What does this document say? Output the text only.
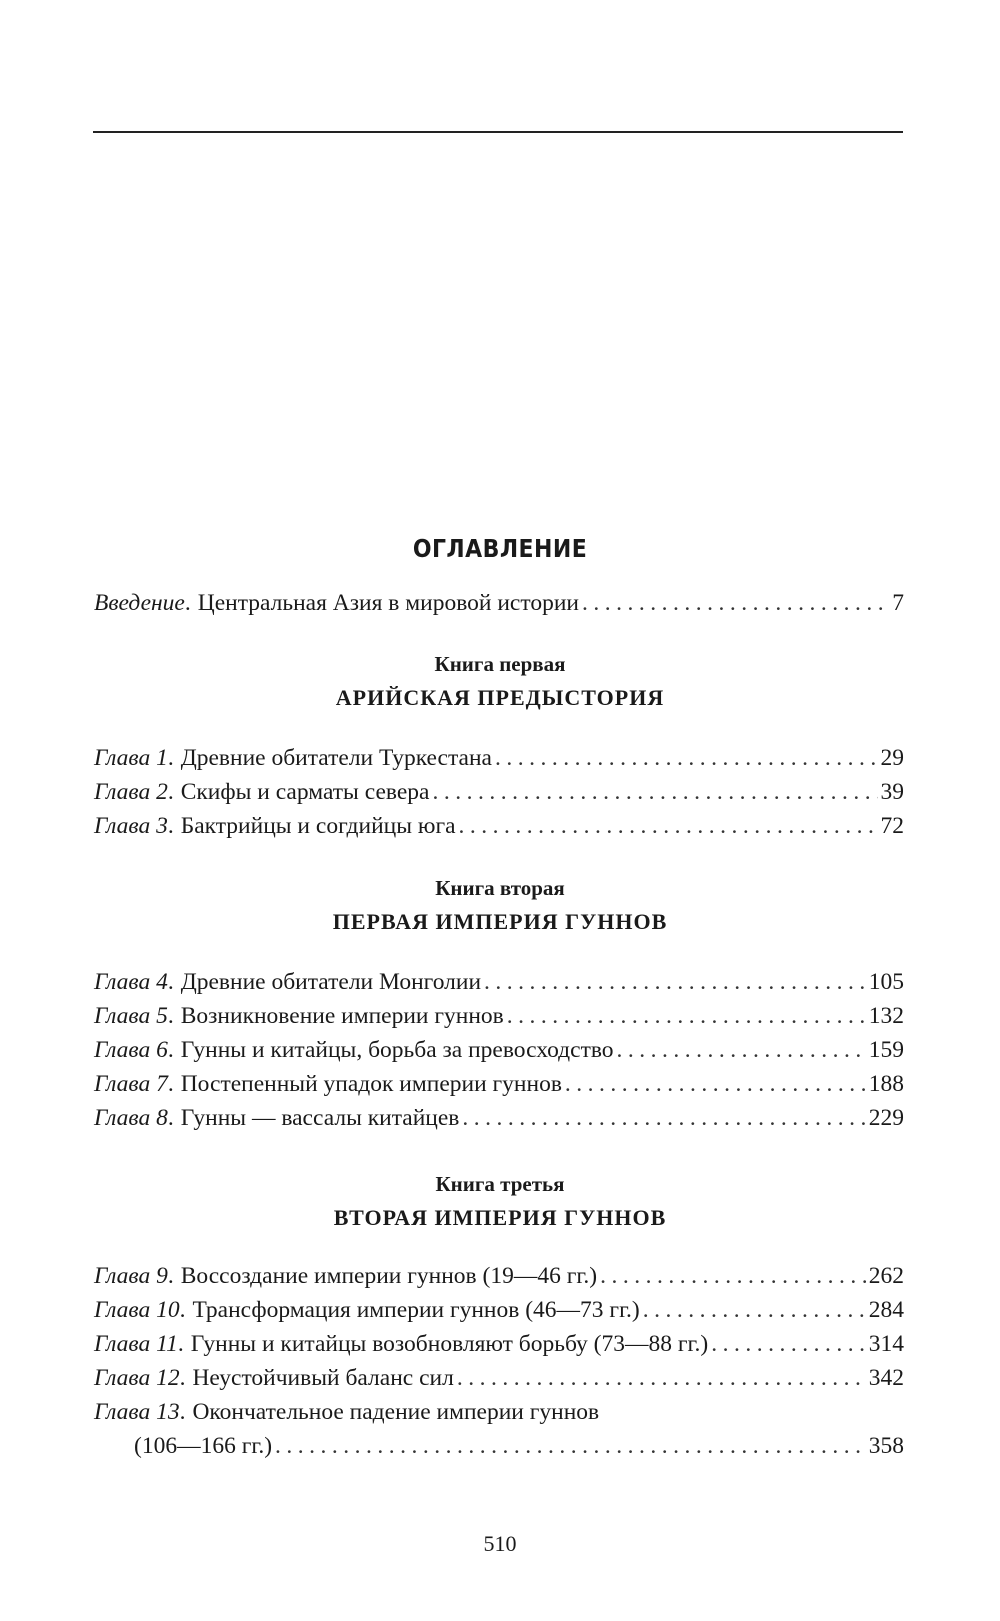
ОГЛАВЛЕНИЕ
Введение. Центральная Азия в мировой истории .....	7
Книга первая
АРИЙСКАЯ ПРЕДЫСТОРИЯ
Глава 1. Древние обитатели Туркестана .....	29
Глава 2. Скифы и сарматы севера .....	39
Глава 3. Бактрийцы и согдийцы юга .....	72
Книга вторая
ПЕРВАЯ ИМПЕРИЯ ГУННОВ
Глава 4. Древние обитатели Монголии .....	105
Глава 5. Возникновение империи гуннов .....	132
Глава 6. Гунны и китайцы, борьба за превосходство .....	159
Глава 7. Постепенный упадок империи гуннов .....	188
Глава 8. Гунны — вассалы китайцев .....	229
Книга третья
ВТОРАЯ ИМПЕРИЯ ГУННОВ
Глава 9. Воссоздание империи гуннов (19—46 гг.) .....	262
Глава 10. Трансформация империи гуннов (46—73 гг.) .....	284
Глава 11. Гунны и китайцы возобновляют борьбу (73—88 гг.) .....	314
Глава 12. Неустойчивый баланс сил .....	342
Глава 13. Окончательное падение империи гуннов
(106—166 гг.) .....	358
510
